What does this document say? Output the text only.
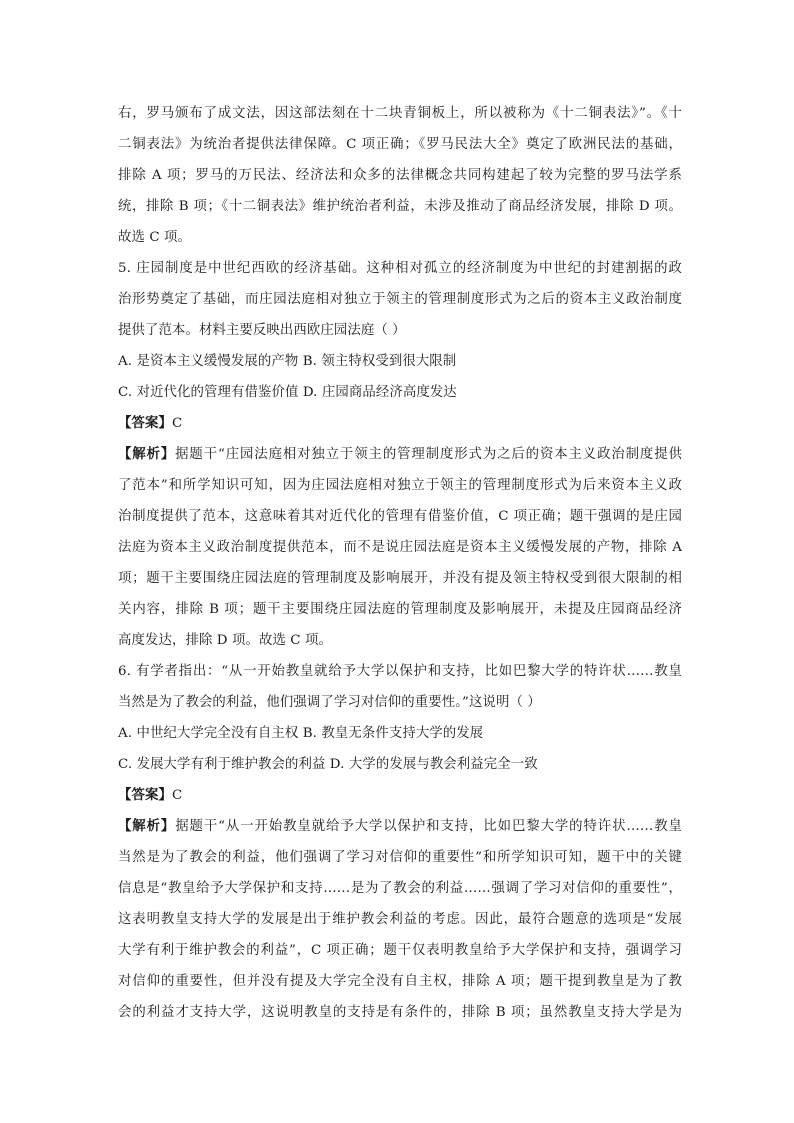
右，罗马颁布了成文法，因这部法刻在十二块青铜板上，所以被称为《十二铜表法》”。《十
二铜表法》为统治者提供法律保障。C 项正确；《罗马民法大全》奠定了欧洲民法的基础，
排除 A 项；罗马的万民法、经济法和众多的法律概念共同构建起了较为完整的罗马法学系
统，排除 B 项；《十二铜表法》维护统治者利益，未涉及推动了商品经济发展，排除 D 项。
故选 C 项。
5. 庄园制度是中世纪西欧的经济基础。这种相对孤立的经济制度为中世纪的封建割据的政
治形势奠定了基础，而庄园法庭相对独立于领主的管理制度形式为之后的资本主义政治制度
提供了范本。材料主要反映出西欧庄园法庭（ ）
A. 是资本主义缓慢发展的产物 B. 领主特权受到很大限制
C. 对近代化的管理有借鉴价值 D. 庄园商品经济高度发达
【答案】C
【解析】据题干“庄园法庭相对独立于领主的管理制度形式为之后的资本主义政治制度提供
了范本”和所学知识可知，因为庄园法庭相对独立于领主的管理制度形式为后来资本主义政
治制度提供了范本，这意味着其对近代化的管理有借鉴价值，C 项正确；题干强调的是庄园
法庭为资本主义政治制度提供范本，而不是说庄园法庭是资本主义缓慢发展的产物，排除 A
项；题干主要围绕庄园法庭的管理制度及影响展开，并没有提及领主特权受到很大限制的相
关内容，排除 B 项；题干主要围绕庄园法庭的管理制度及影响展开，未提及庄园商品经济
高度发达，排除 D 项。故选 C 项。
6. 有学者指出：“从一开始教皇就给予大学以保护和支持，比如巴黎大学的特许状……教皇
当然是为了教会的利益，他们强调了学习对信仰的重要性。”这说明（ ）
A. 中世纪大学完全没有自主权 B. 教皇无条件支持大学的发展
C. 发展大学有利于维护教会的利益 D. 大学的发展与教会利益完全一致
【答案】C
【解析】据题干“从一开始教皇就给予大学以保护和支持，比如巴黎大学的特许状……教皇
当然是为了教会的利益，他们强调了学习对信仰的重要性”和所学知识可知，题干中的关键
信息是“教皇给予大学保护和支持……是为了教会的利益……强调了学习对信仰的重要性”，
这表明教皇支持大学的发展是出于维护教会利益的考虑。因此，最符合题意的选项是“发展
大学有利于维护教会的利益”，C 项正确；题干仅表明教皇给予大学保护和支持，强调学习
对信仰的重要性，但并没有提及大学完全没有自主权，排除 A 项；题干提到教皇是为了教
会的利益才支持大学，这说明教皇的支持是有条件的，排除 B 项；虽然教皇支持大学是为
